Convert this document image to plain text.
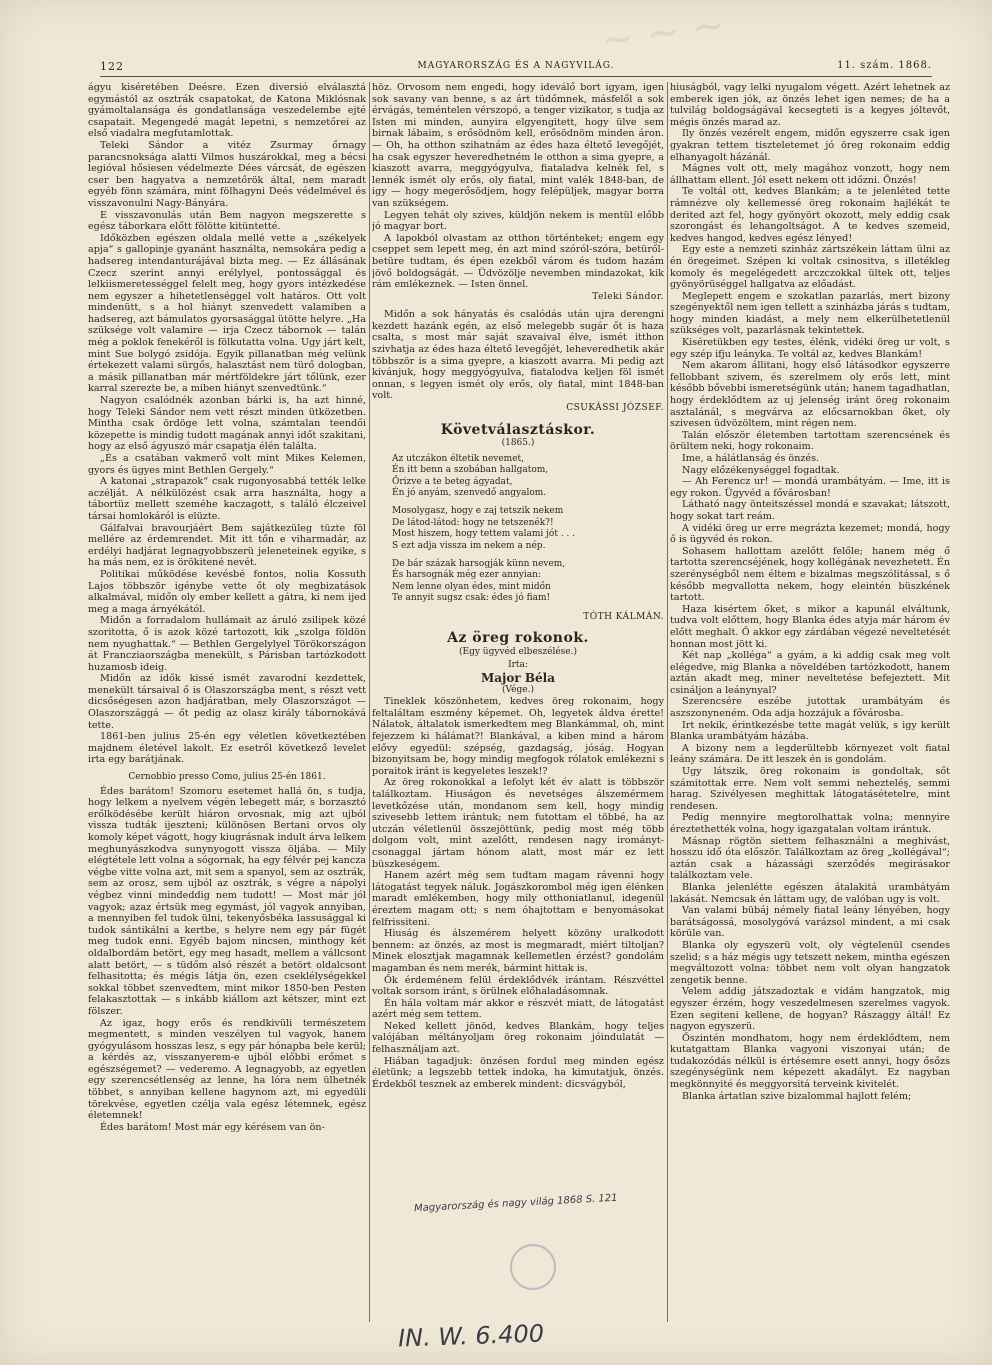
~ ~ ~
122	MAGYARORSZÁG ÉS A NAGYVILÁG.	11. szám. 1868.

ágyu kiséretében Deésre. Ezen diversió elválasztá egymástól az osztrák csapatokat, de Katona Miklósnak gyámoltalansága és gondatlansága veszedelembe ejté csapatait. Megengedé magát lepetni, s nemzetőrei az első viadalra megfutamlottak.

Teleki Sándor a vitéz Zsurmay őrnagy parancsnoksága alatti Vilmos huszárokkal, meg a bécsi legióval hősiesen védelmezte Dées várcsát, de egészen cser ben hagyatva a nemzetőrök által, nem maradt egyéb fönn számára, mint fölhagyni Deés védelmével és visszavonulni Nagy-Bányára.

E visszavonulás után Bem nagyon megszerette s egész táborkara előtt fölötte kitüntetté.

Időközben egészen oldala mellé vette a „székelyek apja“ s gallopinje gyanánt használta, nemsokára pedig a hadsereg intendanturájával bizta meg. — Ez állásának Czecz szerint annyi erélylyel, pontossággal és lelkiismeretességgel felelt meg, hogy gyors intézkedése nem egyszer a hihetetlenséggel volt határos. Ott volt mindenütt, s a hol hiányt szenvedett valamiben a hadsereg, azt bámulatos gyorsasággal ütötte helyre. „Ha szüksége volt valamire — irja Czecz tábornok — talán még a poklok fenekéről is fölkutatta volna. Ugy járt kelt, mint Sue bolygó zsidója. Egyik pillanatban még velünk értekezett valami sürgős, halasztást nem türő dologban, a másik pillanatban már mértföldekre járt tőlünk, ezer karral szerezte be, a miben hiányt szenvedtünk.“

Nagyon csalódnék azonban bárki is, ha azt hinné, hogy Teleki Sándor nem vett részt minden ütközetben. Mintha csak ördöge lett volna, számtalan teendői közepette is mindig tudott magának annyi időt szakitani, hogy az első ágyuszó már csapatja élén találta.

„És a csatában vakmerő volt mint Mikes Kelemen, gyors és ügyes mint Bethlen Gergely.“

A katonai „strapazok“ csak rugonyosabbá tették lelke aczélját. A nélkülözést csak arra használta, hogy a tábortüz mellett szeméhe kaczagott, s találó élczeivel társai homlokáról is elüzte.

Gálfalvai bravourjáért Bem sajátkezüleg tüzte föl mellére az érdemrendet. Mit itt tőn e viharmadár, az erdélyi hadjárat legnagyobbszerü jeleneteinek egyike, s ha más nem, ez is örökitené nevét.

Politikai működése kevésbé fontos, nolia Kossuth Lajos többször igénybe vette őt oly megbizatások alkalmával, midőn oly ember kellett a gátra, ki nem ijed meg a maga árnyékától.

Midőn a forradalom hullámait az áruló zsilipek közé szoritotta, ő is azok közé tartozott, kik „szolga földön nem nyughattak.“ — Bethlen Gergelylyel Törökországon át Francziaországba menekült, s Párisban tartózkodott huzamosb ideig.

Midőn az idők kissé ismét zavarodni kezdettek, menekült társaival ő is Olaszországba ment, s részt vett dicsőségesen azon hadjáratban, mely Olaszországot — Olaszországgá — őt pedig az olasz király tábornokává tette.

1861-ben julius 25-én egy véletlen következtében majdnem életével lakolt. Ez esetről következő levelet irta egy barátjának.

Cernobbio presso Como, julius 25-én 1861.

Édes barátom! Szomoru esetemet hallá ön, s tudja, hogy lelkem a nyelvem végén lebegett már, s borzasztó erőlködésébe került hiáron orvosnak, mig azt ujból vissza tudták ijeszteni; különösen Bertani orvos oly komoly képet vágott, hogy kiugrásnak indult árva lelkem meghunyászkodva sunynyogott vissza öljába. — Mily elégtétele lett volna a sógornak, ha egy félvér pej kancza végbe vitte volna azt, mit sem a spanyol, sem az osztrák, sem az orosz, sem ujból az osztrák, s végre a nápolyi végbez vinni mindeddig nem tudott! — Most már jól vagyok; azaz értsük meg egymást, jól vagyok annyiban, a mennyiben fel tudok ülni, tekenyősbéka lassusággal ki tudok sántikálni a kertbe, s helyre nem egy pár fügét meg tudok enni. Egyéb bajom nincsen, minthogy két oldalbordám betört, egy meg hasadt, mellem a vállcsont alatt betört, — s tüdőm alsó részét a betört oldalcsont felhasitotta; és mégis látja ön, ezen cseklélységekkel sokkal többet szenvedtem, mint mikor 1850-ben Pesten felakasztottak — s inkább kiállom azt kétszer, mint ezt fölszer.

Az igaz, hogy erős és rendkivüli természetem megmentett, s minden veszélyen tul vagyok, hanem gyógyulásom hosszas lesz, s egy pár hónapba bele kerül; a kérdés az, visszanyerem-e ujból előbbi erőmet s egészségemet? — vederemo. A legnagyobb, az egyetlen egy szerencsétlenség az lenne, ha lóra nem ülhetnék többet, s annyiban kellene hagynom azt, mi egyedüli törekvése, egyetlen czélja vala egész létemnek, egész életemnek!

Édes barátom! Most már egy kérésem van ön-

höz. Orvosom nem engedi, hogy ideválő bort igyam, igen sok savany van benne, s az árt tüdőmnek, másfelől a sok érvágás, teméntelen vérszopó, a tenger vizikator, s tudja az Isten mi minden, aunyira elgyengitett, hogy ülve sem birnak lábaim, s erősödnöm kell, erősödnöm minden áron. — Oh, ha otthon szihatnám az édes haza éltető levegőjét, ha csak egyszer heveredhetném le otthon a sima gyepre, a kiaszott avarra, meggyógyulva, fiataladva kelnék fel, s lennék ismét oly erős, oly fiatal, mint valék 1848-ban, de igy — hogy megerősödjem, hogy felépüljek, magyar borra van szükségem.

Legyen tehát oly szives, küldjön nekem is mentül előbb jó magyar bort.

A lapokból olvastam az otthon történteket; engem egy cseppet sem lepett meg, én azt mind szóról-szóra, betüről-betüre tudtam, és épen ezekből várom és tudom hazám jövő boldogságát. — Üdvözölje nevemben mindazokat, kik rám emlékeznek. — Isten önnel.

Teleki Sándor.

Midőn a sok hányatás és csalódás után ujra derengni kezdett hazánk egén, az első melegebb sugár őt is haza csalta, s most már saját szavaival élve, ismét itthon szivhatja az édes haza éltető levegőjét, leheveredhetik akár többször is a sima gyepre, a kiaszott avarra. Mi pedig azt kivánjuk, hogy meggyógyulva, fiatalodva keljen föl ismét onnan, s legyen ismét oly erős, oly fiatal, mint 1848-ban volt.

CSUKÁSSI JÓZSEF.
Követválasztáskor.
(1865.)
Az utczákon éltetik nevemet,
Én itt benn a szobában hallgatom,
Őrizve a te beteg ágyadat,
Én jó anyám, szenvedő angyalom.
Mosolygasz, hogy e zaj tetszik nekem
De látod-látod: hogy ne tetszenék?!
Most hiszem, hogy tettem valami jót . . .
S ezt adja vissza im nekem a nép.
De bár százak harsogják künn nevem,
És harsognák még ezer annyian:
Nem lenne olyan édes, mint midőn
Te annyit sugsz csak: édes jó fiam!
TÓTH KÁLMÁN.
Az öreg rokonok.
(Egy ügyvéd elbeszélése.)
Irta:
Major Béla
(Vége.)

Tineklek köszönhetem, kedves öreg rokonaim, hogy feltaláltam eszmény képemet. Oh, legyetek áldva érette! Nálatok, általatok ismerkedtem meg Blankámmal, oh, mint fejezzem ki hálámat?! Blankával, a kiben mind a három elővy egyedül: szépség, gazdagság, jóság. Hogyan bizonyitsam be, hogy mindig megfogok rólatok emlékezni s poraitok iránt is kegyeletes leszek!?

Az öreg rokonokkal a lefolyt két év alatt is többször találkoztam. Hiuságon és nevetséges álszemérmem levetkőzése után, mondanom sem kell, hogy mindig szivesebb lettem irántuk; nem futottam el többé, ha az utczán véletlenül összejöttünk, pedig most még több dolgom volt, mint azelőtt, rendesen nagy irományt-csonaggal jártam hónom alatt, most már ez lett büszkeségem.

Hanem azért még sem tudtam magam rávenni hogy látogatást tegyek náluk. Jogászkorombol még igen élénken maradt emlékemben, hogy mily otthoniatlanul, idegenül éreztem magam ott; s nem óhajtottam e benyomásokat felfrissiteni.

Hiuság és álszemérem helyett közöny uralkodott bennem: az önzés, az most is megmaradt, miért tiltoljan? Minek elosztjak magamnak kellemetlen érzést? gondolám magamban és nem merék, bármint hittak is.

Ők érdeménem felül érdeklődvék irántam. Részvéttel voltak sorsom iránt, s örülnek előhaladásomnak.

Én hála voltam már akkor e részvét miatt, de látogatást azért még sem tettem.

Neked kellett jönöd, kedves Blankám, hogy teljes valójában méltányoljam öreg rokonaim jóindulatát — felhasználjam azt.

Hiában tagadjuk: önzésen fordul meg minden egész életünk; a legszebb tettek indoka, ha kimutatjuk, önzés. Érdekből tesznek az emberek mindent: dicsvágyból,

hiuságból, vagy lelki nyugalom végett. Azért lehetnek az emberek igen jók, az önzés lehet igen nemes; de ha a tulvilág boldogságával kecsegteti is a kegyes jóltevőt, mégis önzés marad az.

Ily önzés vezérelt engem, midőn egyszerre csak igen gyakran tettem tiszteletemet jó öreg rokonaim eddig elhanyagolt házánál.

Mágnes volt ott, mely magához vonzott, hogy nem állhattam ellent. Jól esett nekem ott időzni. Önzés!

Te voltál ott, kedves Blankám; a te jelenléted tette rámnézve oly kellemessé öreg rokonaim hajlékát te derited azt fel, hogy gyönyört okozott, mely eddig csak szorongást és lehangoltságot. A te kedves szemeid, kedves hangod, kedves egész lényed!

Egy este a nemzeti szinház zártszékein láttam ülni az én öregeimet. Szépen ki voltak csinositva, s illetékleg komoly és megelégedett arczczokkal ültek ott, teljes gyönyörüséggel hallgatva az előadást.

Meglepett engem e szokatlan pazarlás, mert bizony szegényektől nem igen tellett a szinházba járás s tudtam, hogy minden kiadást, a mely nem elkerülhetetlenül szükséges volt, pazarlásnak tekintettek.

Kiséretükben egy testes, élénk, vidéki öreg ur volt, s egy szép ifju leányka. Te voltál az, kedves Blankám!

Nem akarom állitani, hogy első látásodkor egyszerre fellobbant szivem, és szerelmem oly erős lett, mint később bővebbi ismeretségünk után; hanem tagadhatlan, hogy érdeklődtem az uj jelenség iránt öreg rokonaim asztalánál, s megvárva az előcsarnokban őket, oly szivesen üdvözöltem, mint régen nem.

Talán először életemben tartottam szerencsének és örültem neki, hogy rokonaim.

Ime, a hálátlanság és önzés.

Nagy előzékenységgel fogadtak.

— Ah Ferencz ur! — mondá urambátyám. — Ime, itt is egy rokon. Ügyvéd a fővárosban!

Látható nagy önteitszéssel mondá e szavakat; látszott, hogy sokat tart reám.

A vidéki öreg ur erre megrázta kezemet; mondá, hogy ő is ügyvéd és rokon.

Sohasem hallottam azelőtt felőle; hanem még ő tartotta szerencséjének, hogy kollégának nevezhetett. Én szerénységből nem éltem e bizalmas megszólitással, s ő később megvallotta nekem, hogy eleintén büszkének tartott.

Haza kisértem őket, s mikor a kapunál elváltunk, tudva volt előttem, hogy Blanka édes atyja már három év előtt meghalt. Ő akkor egy zárdában végezé neveltetését honnan most jött ki.

Két nap „kolléga“ a gyám, a ki addig csak meg volt elégedve, mig Blanka a növeldében tartózkodott, hanem aztán akadt meg, miner neveltetése befejeztett. Mit csináljon a leánynyal?

Szerencsére eszébe jutottak urambátyám és aszszonyneném. Oda adja hozzájuk a fővárosba.

Irt nekik, érintkezésbe tette magát velük, s igy került Blanka urambátyám házába.

A bizony nem a legderültebb környezet volt fiatal leány számára. De itt leszek én is gondolám.

Ugy látszik, öreg rokonaim is gondoltak, sőt számitottak erre. Nem volt semmi nehezteléş, semmi harag. Szivélyesen meghittak látogatásétetelre, mint rendesen.

Pedig mennyire megtorolhattak volna; mennyire éreztethették volna, hogy igazgatalan voltam irántuk.

Másnap rögtön siettem felhasználni a meghivást, hosszu idő óta először. Találkoztam az öreg „kollégával“; aztán csak a házassági szerződés megirásakor találkoztam vele.

Blanka jelenlétte egészen átalakitá urambátyám lakását. Nemcsak én láttam ugy, de valóban ugy is volt.

Van valami bübáj némely fiatal leány lényében, hogy barátságossá, mosolygóvá varázsol mindent, a mi csak körüle van.

Blanka oly egyszerü volt, oly végtelenül csendes szelid; s a ház mégis ugy tetszett nekem, mintha egészen megváltozott volna: többet nem volt olyan hangzatok zengetik benne.

Velem addig játszadoztak e vidám hangzatok, mig egyszer érzém, hogy veszedelmesen szerelmes vagyok. Ezen segiteni kellene, de hogyan? Rászaggy áltál! Ez nagyon egyszerü.

Őszintén mondhatom, hogy nem érdeklődtem, nem kutatgattam Blanka vagyoni viszonyai után; de tudakozódás nélkül is értésemre esett annyi, hogy ősőzs szegénységünk nem képezett akadályt. Ez nagyban megkönnyité és meggyorsitá terveink kivitelét.

Blanka ártatlan szive bizalommal hajlott felém;

Magyarország és nagy világ 1868 S. 121
IN. W. 6.400
